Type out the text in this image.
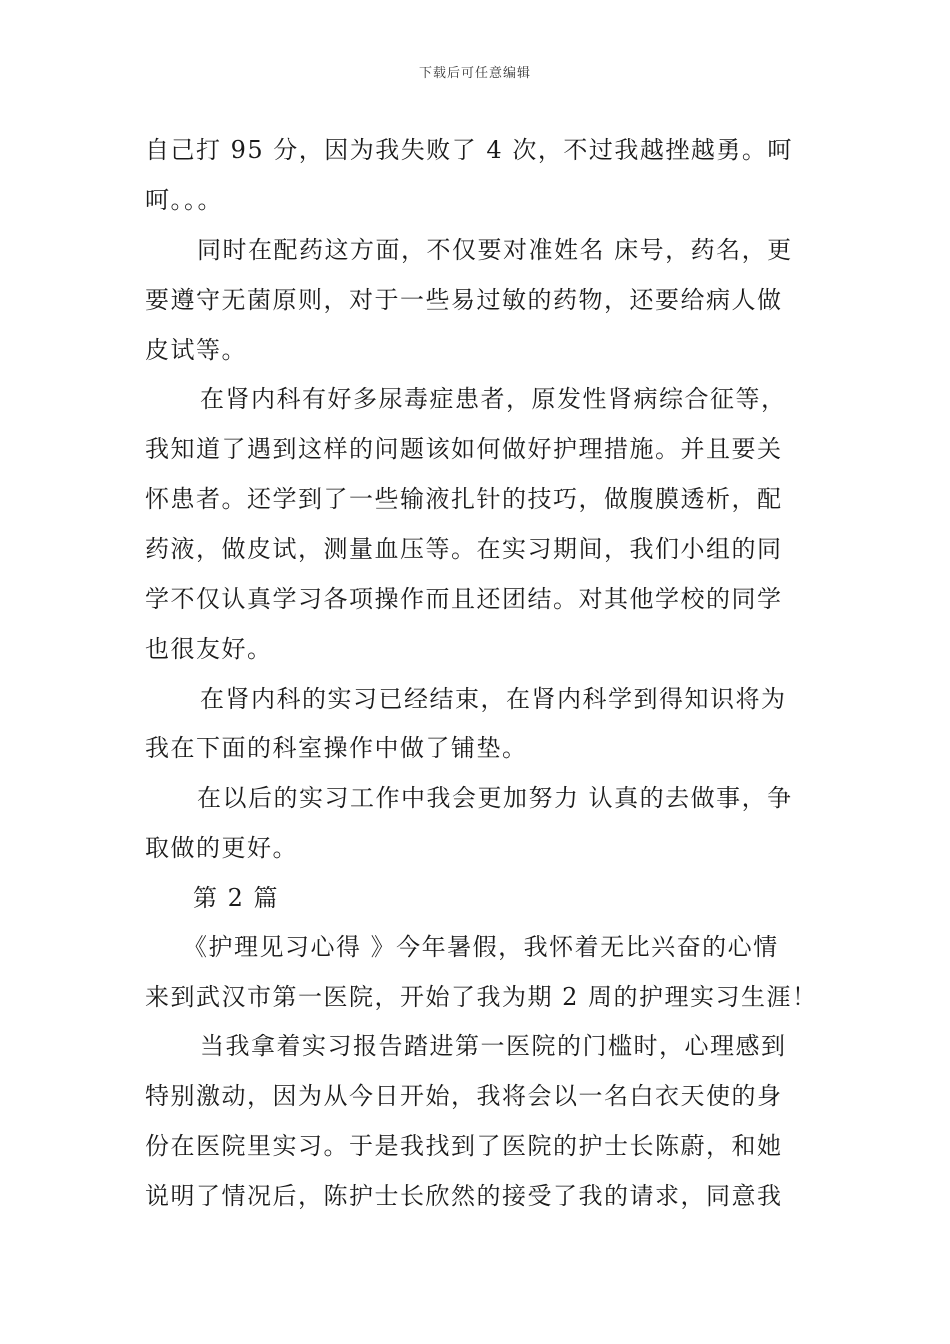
下载后可任意编辑
自己打 95 分，因为我失败了 4 次，不过我越挫越勇。呵
呵。。。
同时在配药这方面，不仅要对准姓名 床号，药名，更
要遵守无菌原则，对于一些易过敏的药物，还要给病人做
皮试等。
在肾内科有好多尿毒症患者，原发性肾病综合征等，
我知道了遇到这样的问题该如何做好护理措施。并且要关
怀患者。还学到了一些输液扎针的技巧，做腹膜透析，配
药液，做皮试，测量血压等。在实习期间，我们小组的同
学不仅认真学习各项操作而且还团结。对其他学校的同学
也很友好。
在肾内科的实习已经结束，在肾内科学到得知识将为
我在下面的科室操作中做了铺垫。
在以后的实习工作中我会更加努力 认真的去做事，争
取做的更好。
第 2 篇
《护理见习心得 》今年暑假，我怀着无比兴奋的心情
来到武汉市第一医院，开始了我为期 2 周的护理实习生涯！
当我拿着实习报告踏进第一医院的门槛时，心理感到
特别激动，因为从今日开始，我将会以一名白衣天使的身
份在医院里实习。于是我找到了医院的护士长陈蔚，和她
说明了情况后，陈护士长欣然的接受了我的请求，同意我
